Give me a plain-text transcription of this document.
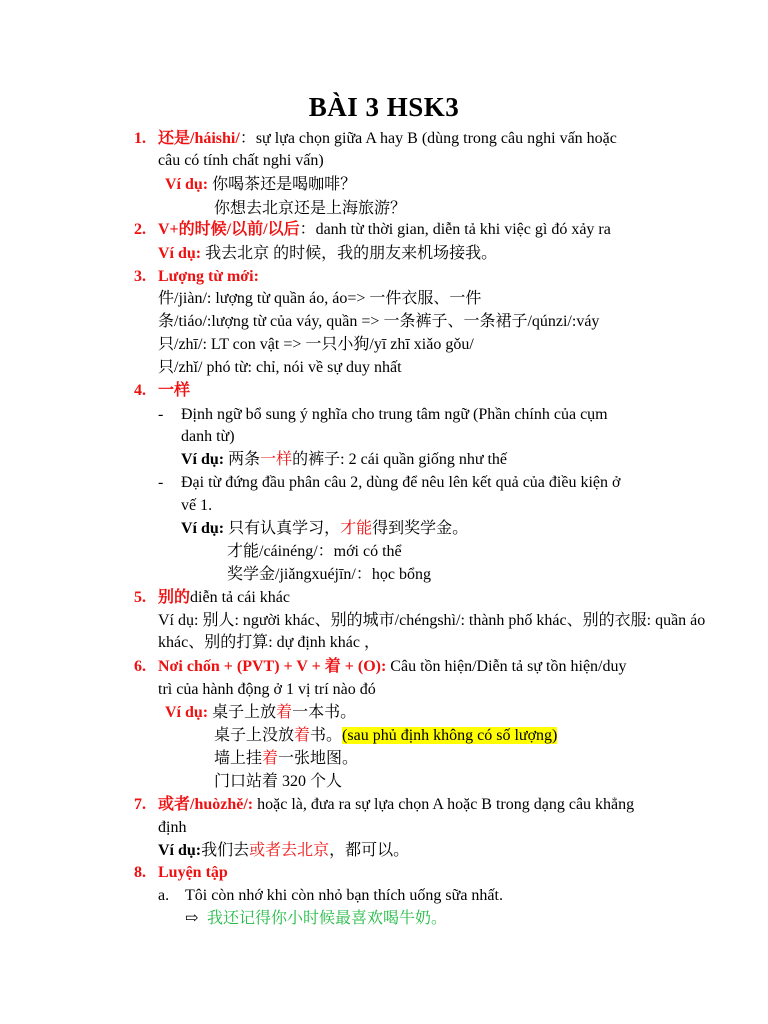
BÀI 3 HSK3
1. 还是/háishi/：sự lựa chọn giữa A hay B (dùng trong câu nghi vấn hoặc
câu có tính chất nghi vấn)
Ví dụ: 你喝茶还是喝咖啡？
你想去北京还是上海旅游？
2. V+的时候/以前/以后：danh từ thời gian, diễn tả khi việc gì đó xảy ra
Ví dụ: 我去北京 的时候，我的朋友来机场接我。
3. Lượng từ mới:
件/jiàn/: lượng từ quần áo, áo=> 一件衣服、一件
条/tiáo/:lượng từ của váy, quần => 一条裤子、一条裙子/qúnzi/:váy
只/zhī/: LT con vật => 一只小狗/yī zhī xiǎo gǒu/
只/zhǐ/ phó từ: chỉ, nói về sự duy nhất
4. 一样
- Định ngữ bổ sung ý nghĩa cho trung tâm ngữ (Phần chính của cụm
danh từ)
Ví dụ: 两条一样的裤子: 2 cái quần giống như thế
- Đại từ đứng đầu phân câu 2, dùng để nêu lên kết quả của điều kiện ở
vế 1.
Ví dụ: 只有认真学习，才能得到奖学金。
才能/cáinéng/：mới có thể
奖学金/jiǎngxuéjīn/：học bổng
5. 别的diễn tả cái khác
Ví dụ: 别人: người khác、别的城市/chéngshì/: thành phố khác、别的衣服: quần áo
khác、别的打算: dự định khác ，
6. Nơi chốn + (PVT) + V + 着 + (O): Câu tồn hiện/Diễn tả sự tồn hiện/duy
trì của hành động ở 1 vị trí nào đó
Ví dụ: 桌子上放着一本书。
桌子上没放着书。(sau phủ định không có số lượng)
墙上挂着一张地图。
门口站着 320 个人
7. 或者/huòzhě/: hoặc là, đưa ra sự lựa chọn A hoặc B trong dạng câu khẳng
định
Ví dụ:我们去或者去北京，都可以。
8. Luyện tập
a. Tôi còn nhớ khi còn nhỏ bạn thích uống sữa nhất.
⇨ 我还记得你小时候最喜欢喝牛奶。
